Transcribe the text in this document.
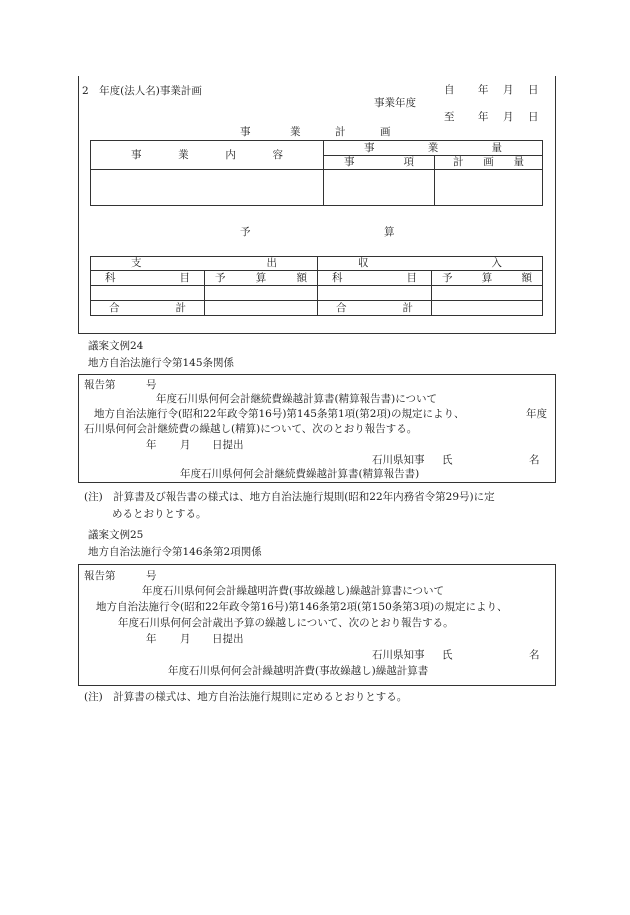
2　年度(法人名)事業計画	自 年 月 日
事業年度
至 年 月 日
事	業	計	画
事 業 内 容	事 業 量	

	事 項	計 画 量

予	算
支 出		収 入	

科 目	予 算 額	科 目	予 算 額

合 計		合 計	

議案文例24
地方自治法施行令第145条関係
報告第	号
年度石川県何何会計継続費繰越計算書(精算報告書)について
地方自治法施行令(昭和22年政令第16号)第145条第1項(第2項)の規定により、	年度
石川県何何会計継続費の繰越し(精算)について、次のとおり報告する。
年 月 日提出
石川県知事 氏	名
年度石川県何何会計継続費繰越計算書(精算報告書)
(注)　計算書及び報告書の様式は、地方自治法施行規則(昭和22年内務省令第29号)に定
めるとおりとする。
議案文例25
地方自治法施行令第146条第2項関係
報告第	号
年度石川県何何会計繰越明許費(事故繰越し)繰越計算書について
地方自治法施行令(昭和22年政令第16号)第146条第2項(第150条第3項)の規定により、
年度石川県何何会計歳出予算の繰越しについて、次のとおり報告する。
年 月 日提出
石川県知事 氏	名
年度石川県何何会計繰越明許費(事故繰越し)繰越計算書
(注)　計算書の様式は、地方自治法施行規則に定めるとおりとする。
